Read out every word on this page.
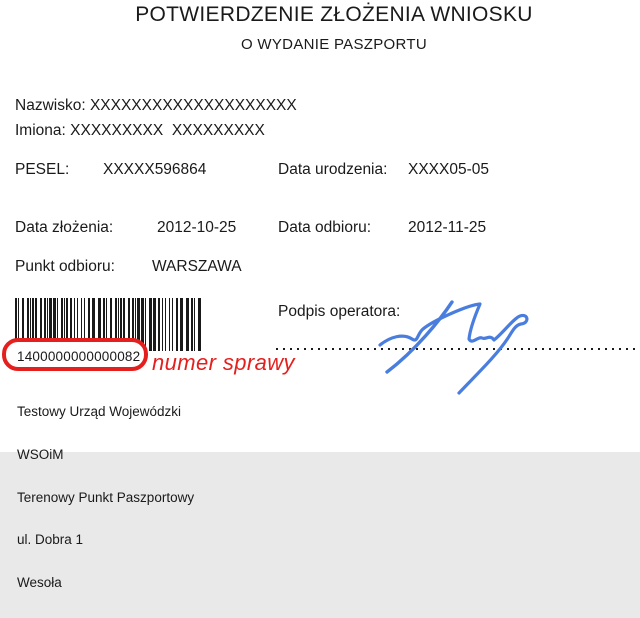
POTWIERDZENIE ZŁOŻENIA WNIOSKU
O WYDANIE PASZPORTU
Nazwisko: XXXXXXXXXXXXXXXXXXXX
Imiona: XXXXXXXXX  XXXXXXXXX
PESEL: XXXXX596864	Data urodzenia: XXXX05-05
Data złożenia:	2012-10-25	Data odbioru: 2012-11-25
Punkt odbioru: WARSZAWA
1400000000000082 numer sprawy
Podpis operatora:

Testowy Urząd Wojewódzki

WSOiM

Terenowy Punkt Paszportowy

ul. Dobra 1

Wesoła
